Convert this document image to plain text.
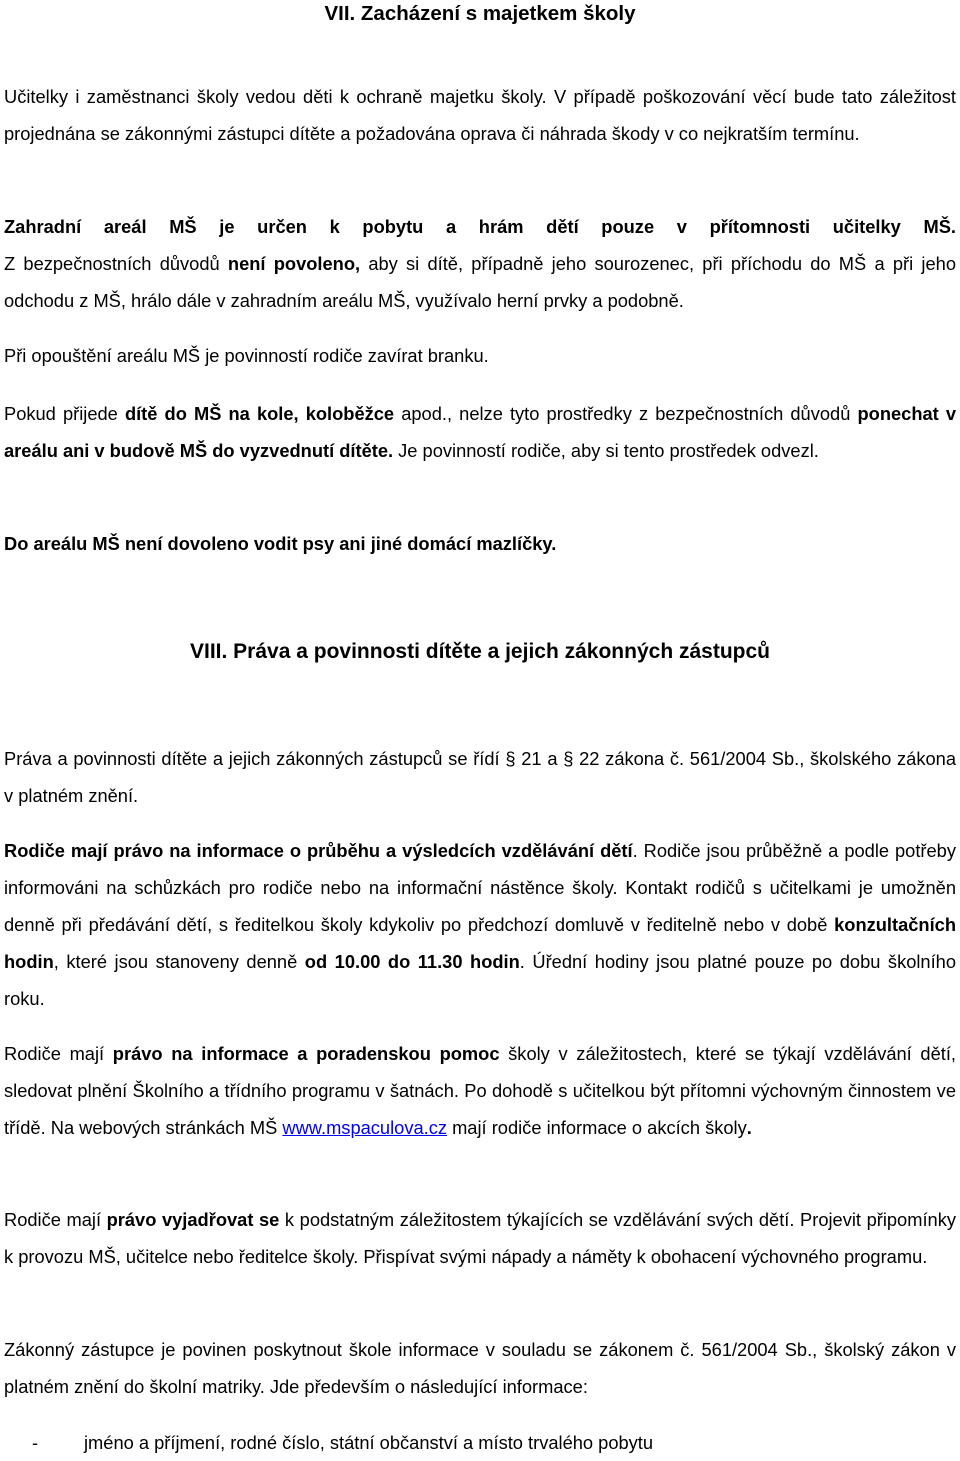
VII. Zacházení s majetkem školy

Učitelky i zaměstnanci školy vedou děti k ochraně majetku školy. V případě poškozování věcí bude tato záležitost projednána se zákonnými zástupci dítěte a požadována oprava či náhrada škody v co nejkratším termínu.

Zahradní areál MŠ je určen k pobytu a hrám dětí pouze v přítomnosti učitelky MŠ.

Z bezpečnostních důvodů není povoleno, aby si dítě, případně jeho sourozenec, při příchodu do MŠ a při jeho odchodu z MŠ, hrálo dále v zahradním areálu MŠ, využívalo herní prvky a podobně.

Při opouštění areálu MŠ je povinností rodiče zavírat branku.

Pokud přijede dítě do MŠ na kole, koloběžce apod., nelze tyto prostředky z bezpečnostních důvodů ponechat v areálu ani v budově MŠ do vyzvednutí dítěte. Je povinností rodiče, aby si tento prostředek odvezl.

Do areálu MŠ není dovoleno vodit psy ani jiné domácí mazlíčky.

VIII. Práva a povinnosti dítěte a jejich zákonných zástupců

Práva a povinnosti dítěte a jejich zákonných zástupců se řídí § 21 a § 22 zákona č. 561/2004 Sb., školského zákona v platném znění.

Rodiče mají právo na informace o průběhu a výsledcích vzdělávání dětí. Rodiče jsou průběžně a podle potřeby informováni na schůzkách pro rodiče nebo na informační nástěnce školy. Kontakt rodičů s učitelkami je umožněn denně při předávání dětí, s ředitelkou školy kdykoliv po předchozí domluvě v ředitelně nebo v době konzultačních hodin, které jsou stanoveny denně od 10.00 do 11.30 hodin. Úřední hodiny jsou platné pouze po dobu školního roku.

Rodiče mají právo na informace a poradenskou pomoc školy v záležitostech, které se týkají vzdělávání dětí, sledovat plnění Školního a třídního programu v šatnách. Po dohodě s učitelkou být přítomni výchovným činnostem ve třídě. Na webových stránkách MŠ www.mspaculova.cz mají rodiče informace o akcích školy.

Rodiče mají právo vyjadřovat se k podstatným záležitostem týkajících se vzdělávání svých dětí. Projevit připomínky k provozu MŠ, učitelce nebo ředitelce školy. Přispívat svými nápady a náměty k obohacení výchovného programu.

Zákonný zástupce je povinen poskytnout škole informace v souladu se zákonem č. 561/2004 Sb., školský zákon v platném znění do školní matriky. Jde především o následující informace:

-	jméno a příjmení, rodné číslo, státní občanství a místo trvalého pobytu
